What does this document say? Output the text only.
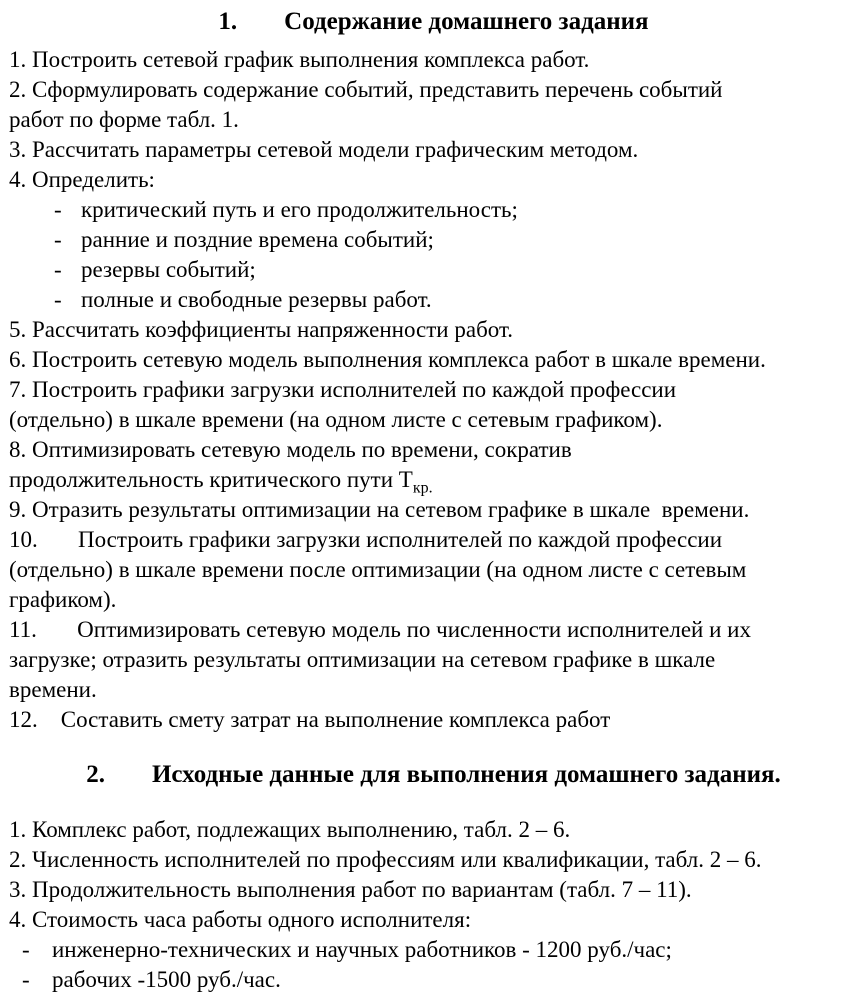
1. Содержание домашнего задания
1. Построить сетевой график выполнения комплекса работ.
2. Сформулировать содержание событий, представить перечень событий
работ по форме табл. 1.
3. Рассчитать параметры сетевой модели графическим методом.
4. Определить:
- критический путь и его продолжительность;
- ранние и поздние времена событий;
- резервы событий;
- полные и свободные резервы работ.
5. Рассчитать коэффициенты напряженности работ.
6. Построить сетевую модель выполнения комплекса работ в шкале времени.
7. Построить графики загрузки исполнителей по каждой профессии
(отдельно) в шкале времени (на одном листе с сетевым графиком).
8. Оптимизировать сетевую модель по времени, сократив
продолжительность критического пути $Т_{кр.}$
9. Отразить результаты оптимизации на сетевом графике в шкале  времени.
10.       Построить графики загрузки исполнителей по каждой профессии
(отдельно) в шкале времени после оптимизации (на одном листе с сетевым
графиком).
11.       Оптимизировать сетевую модель по численности исполнителей и их
загрузке; отразить результаты оптимизации на сетевом графике в шкале
времени.
12.    Составить смету затрат на выполнение комплекса работ
2. Исходные данные для выполнения домашнего задания.
1. Комплекс работ, подлежащих выполнению, табл. 2 – 6.
2. Численность исполнителей по профессиям или квалификации, табл. 2 – 6.
3. Продолжительность выполнения работ по вариантам (табл. 7 – 11).
4. Стоимость часа работы одного исполнителя:
- инженерно-технических и научных работников - 1200 руб./час;
- рабочих -1500 руб./час.
